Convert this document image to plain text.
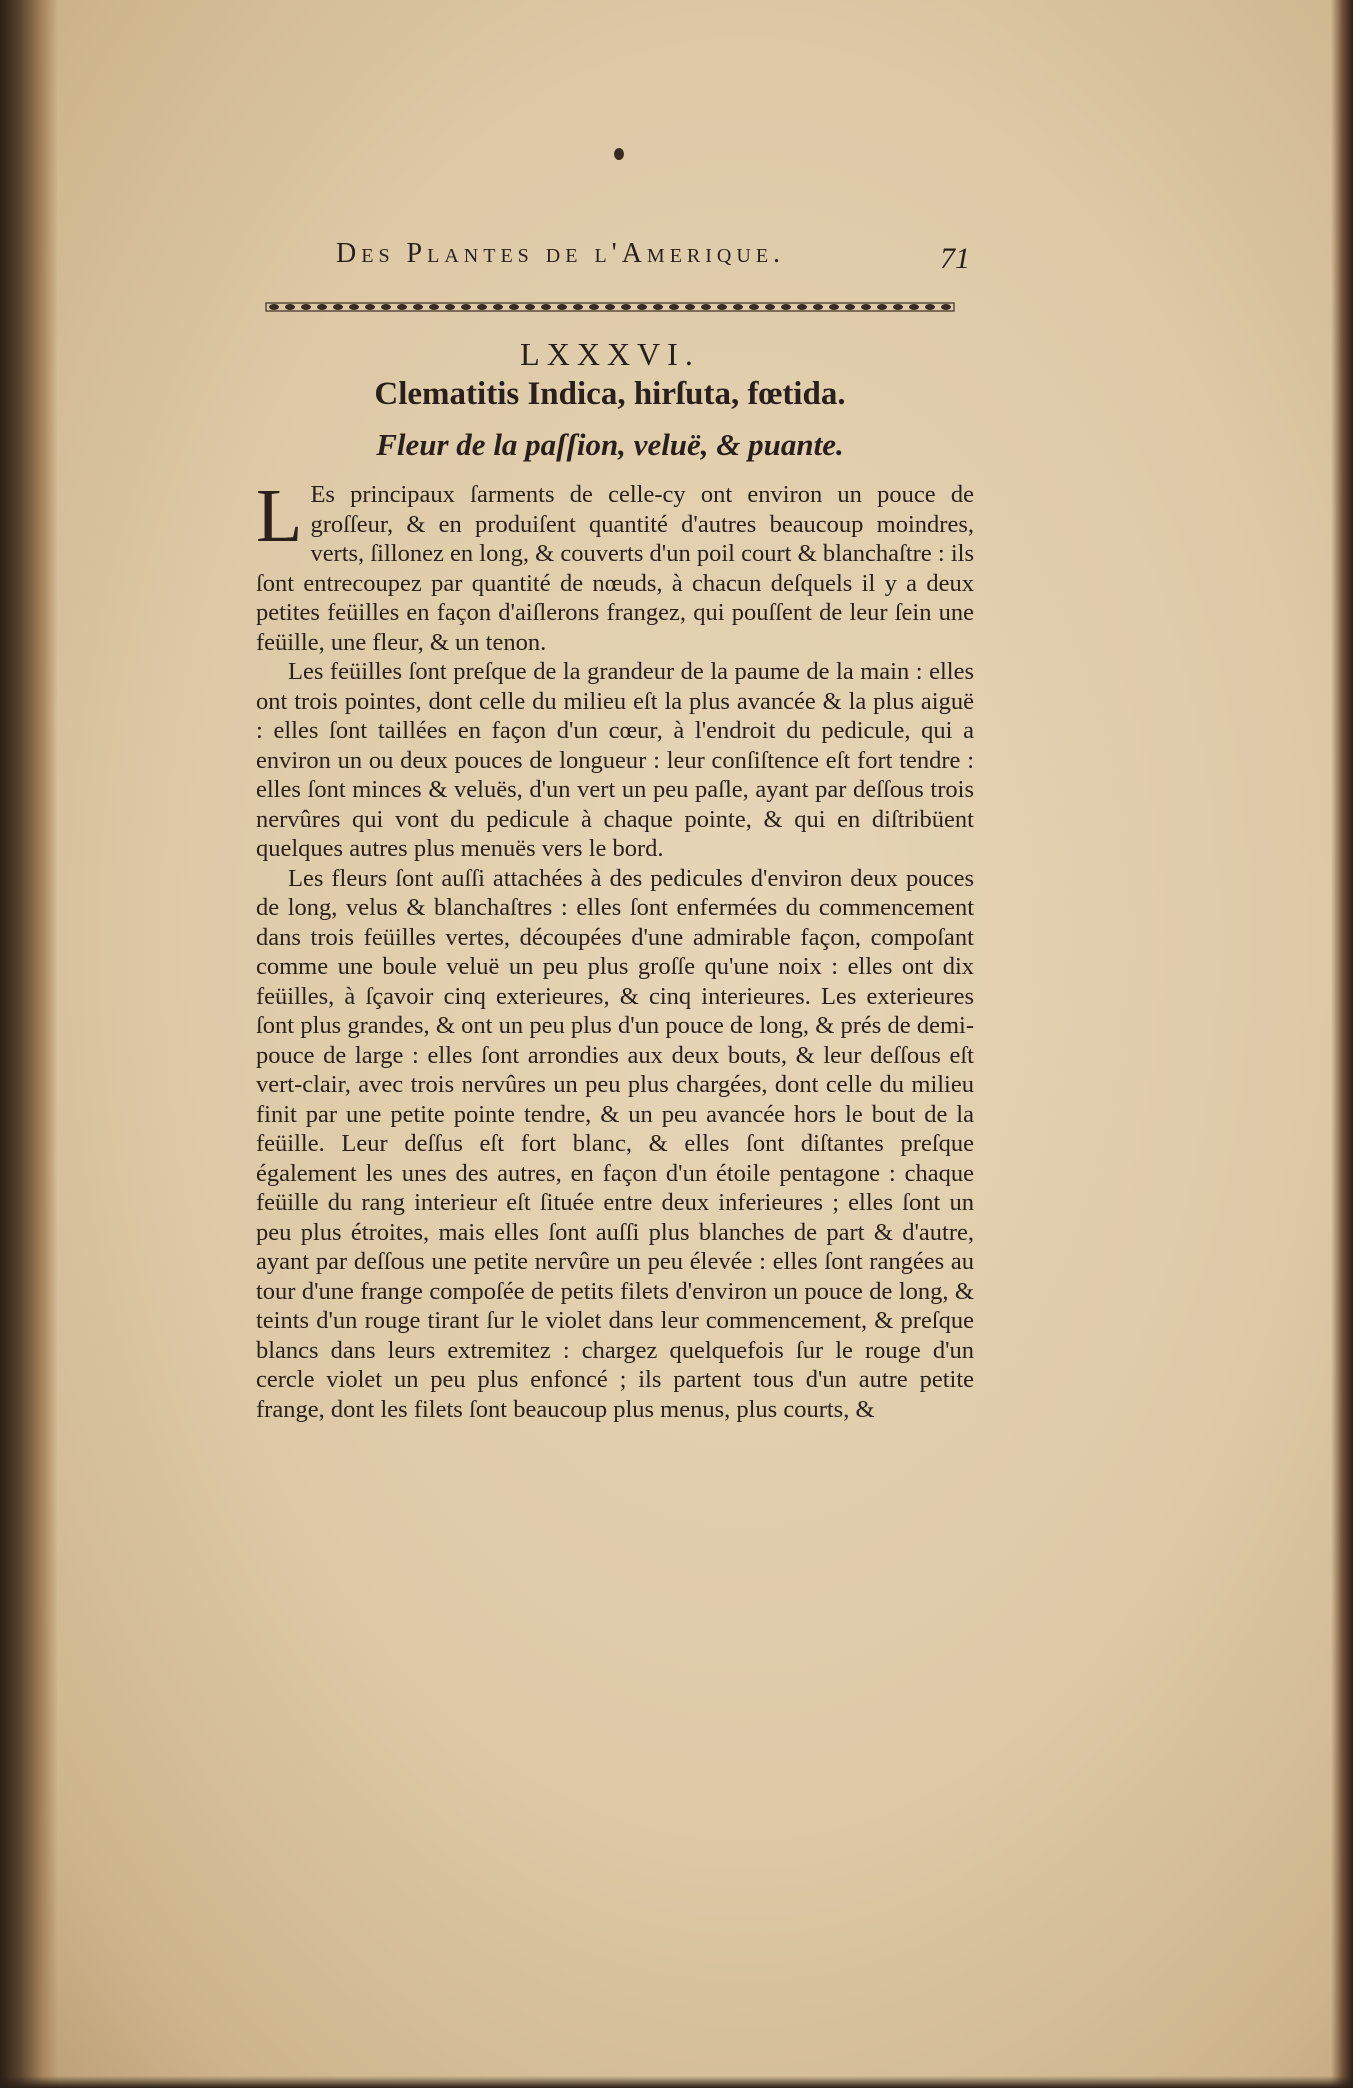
Des Plantes de l'Amerique.	71
LXXXVI.
Clematitis Indica, hirſuta, fœtida.
Fleur de la paſſion, veluë, & puante.

L Es principaux ſarments de celle-cy ont environ un pouce de groſſeur, & en produiſent quantité d'autres beaucoup moindres, verts, ſillonez en long, & couverts d'un poil court & blanchaſtre : ils ſont entrecoupez par quantité de nœuds, à chacun deſquels il y a deux petites feüilles en façon d'aiſlerons frangez, qui pouſſent de leur ſein une feüille, une fleur, & un tenon.

Les feüilles ſont preſque de la grandeur de la paume de la main : elles ont trois pointes, dont celle du milieu eſt la plus avancée & la plus aiguë : elles ſont taillées en façon d'un cœur, à l'endroit du pedicule, qui a environ un ou deux pouces de longueur : leur conſiſtence eſt fort tendre : elles ſont minces & veluës, d'un vert un peu paſle, ayant par deſſous trois nervûres qui vont du pedicule à chaque pointe, & qui en diſtribüent quelques autres plus menuës vers le bord.

Les fleurs ſont auſſi attachées à des pedicules d'environ deux pouces de long, velus & blanchaſtres : elles ſont enfermées du commencement dans trois feüilles vertes, découpées d'une admirable façon, compoſant comme une boule veluë un peu plus groſſe qu'une noix : elles ont dix feüilles, à ſçavoir cinq exterieures, & cinq interieures. Les exterieures ſont plus grandes, & ont un peu plus d'un pouce de long, & prés de demi-pouce de large : elles ſont arrondies aux deux bouts, & leur deſſous eſt vert-clair, avec trois nervûres un peu plus chargées, dont celle du milieu finit par une petite pointe tendre, & un peu avancée hors le bout de la feüille. Leur deſſus eſt fort blanc, & elles ſont diſtantes preſque également les unes des autres, en façon d'un étoile pentagone : chaque feüille du rang interieur eſt ſituée entre deux inferieures ; elles ſont un peu plus étroites, mais elles ſont auſſi plus blanches de part & d'autre, ayant par deſſous une petite nervûre un peu élevée : elles ſont rangées au tour d'une frange compoſée de petits filets d'environ un pouce de long, & teints d'un rouge tirant ſur le violet dans leur commencement, & preſque blancs dans leurs extremitez : chargez quelquefois ſur le rouge d'un cercle violet un peu plus enfoncé ; ils partent tous d'un autre petite frange, dont les filets ſont beaucoup plus menus, plus courts, &
